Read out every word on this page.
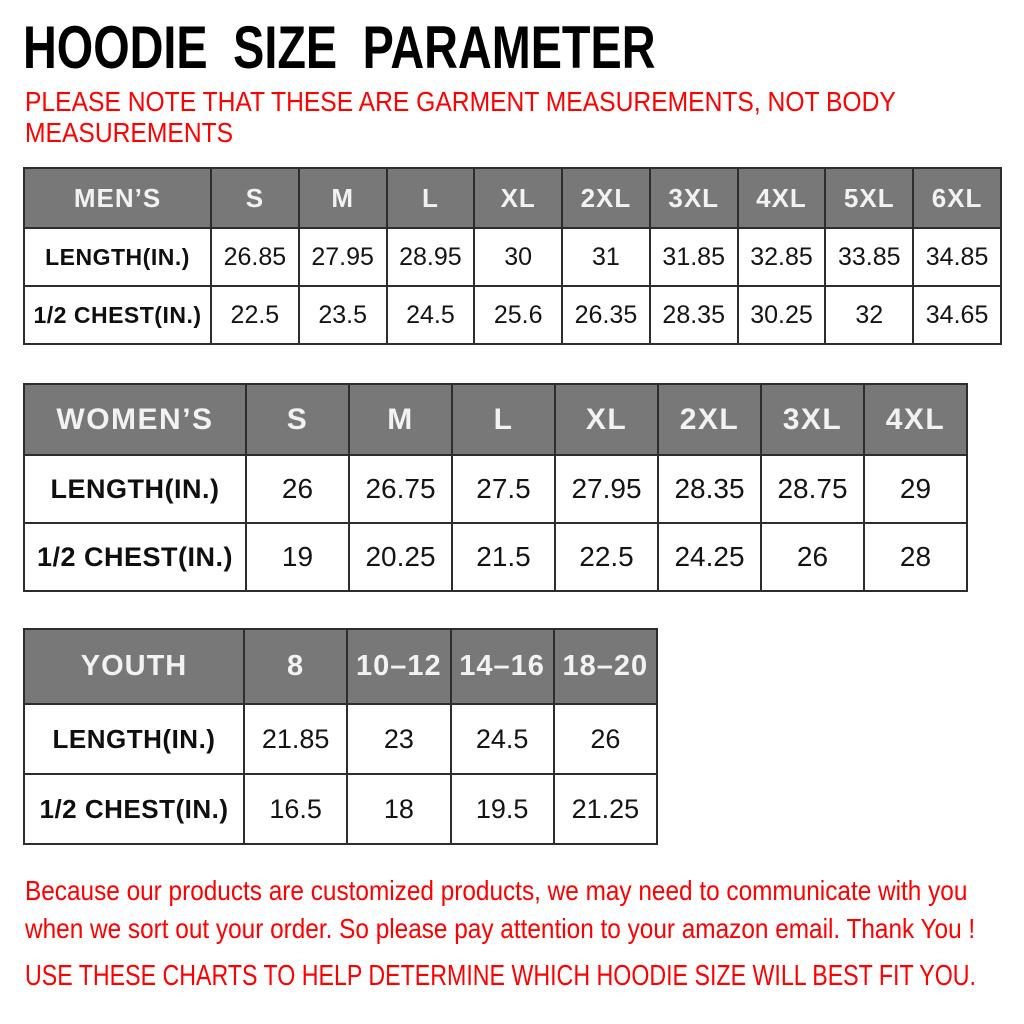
HOODIE SIZE PARAMETER
PLEASE NOTE THAT THESE ARE GARMENT MEASUREMENTS, NOT BODY
MEASUREMENTS
MEN’S	S	M	L	XL	2XL	3XL	4XL	5XL	6XL
LENGTH(IN.)	26.85	27.95	28.95	30	31	31.85	32.85	33.85	34.85
1/2 CHEST(IN.)	22.5	23.5	24.5	25.6	26.35	28.35	30.25	32	34.65
WOMEN’S	S	M	L	XL	2XL	3XL	4XL
LENGTH(IN.)	26	26.75	27.5	27.95	28.35	28.75	29
1/2 CHEST(IN.)	19	20.25	21.5	22.5	24.25	26	28
YOUTH	8	10–12	14–16	18–20
LENGTH(IN.)	21.85	23	24.5	26
1/2 CHEST(IN.)	16.5	18	19.5	21.25
Because our products are customized products, we may need to communicate with you
when we sort out your order. So please pay attention to your amazon email. Thank You !
USE THESE CHARTS TO HELP DETERMINE WHICH HOODIE SIZE WILL BEST FIT YOU.
